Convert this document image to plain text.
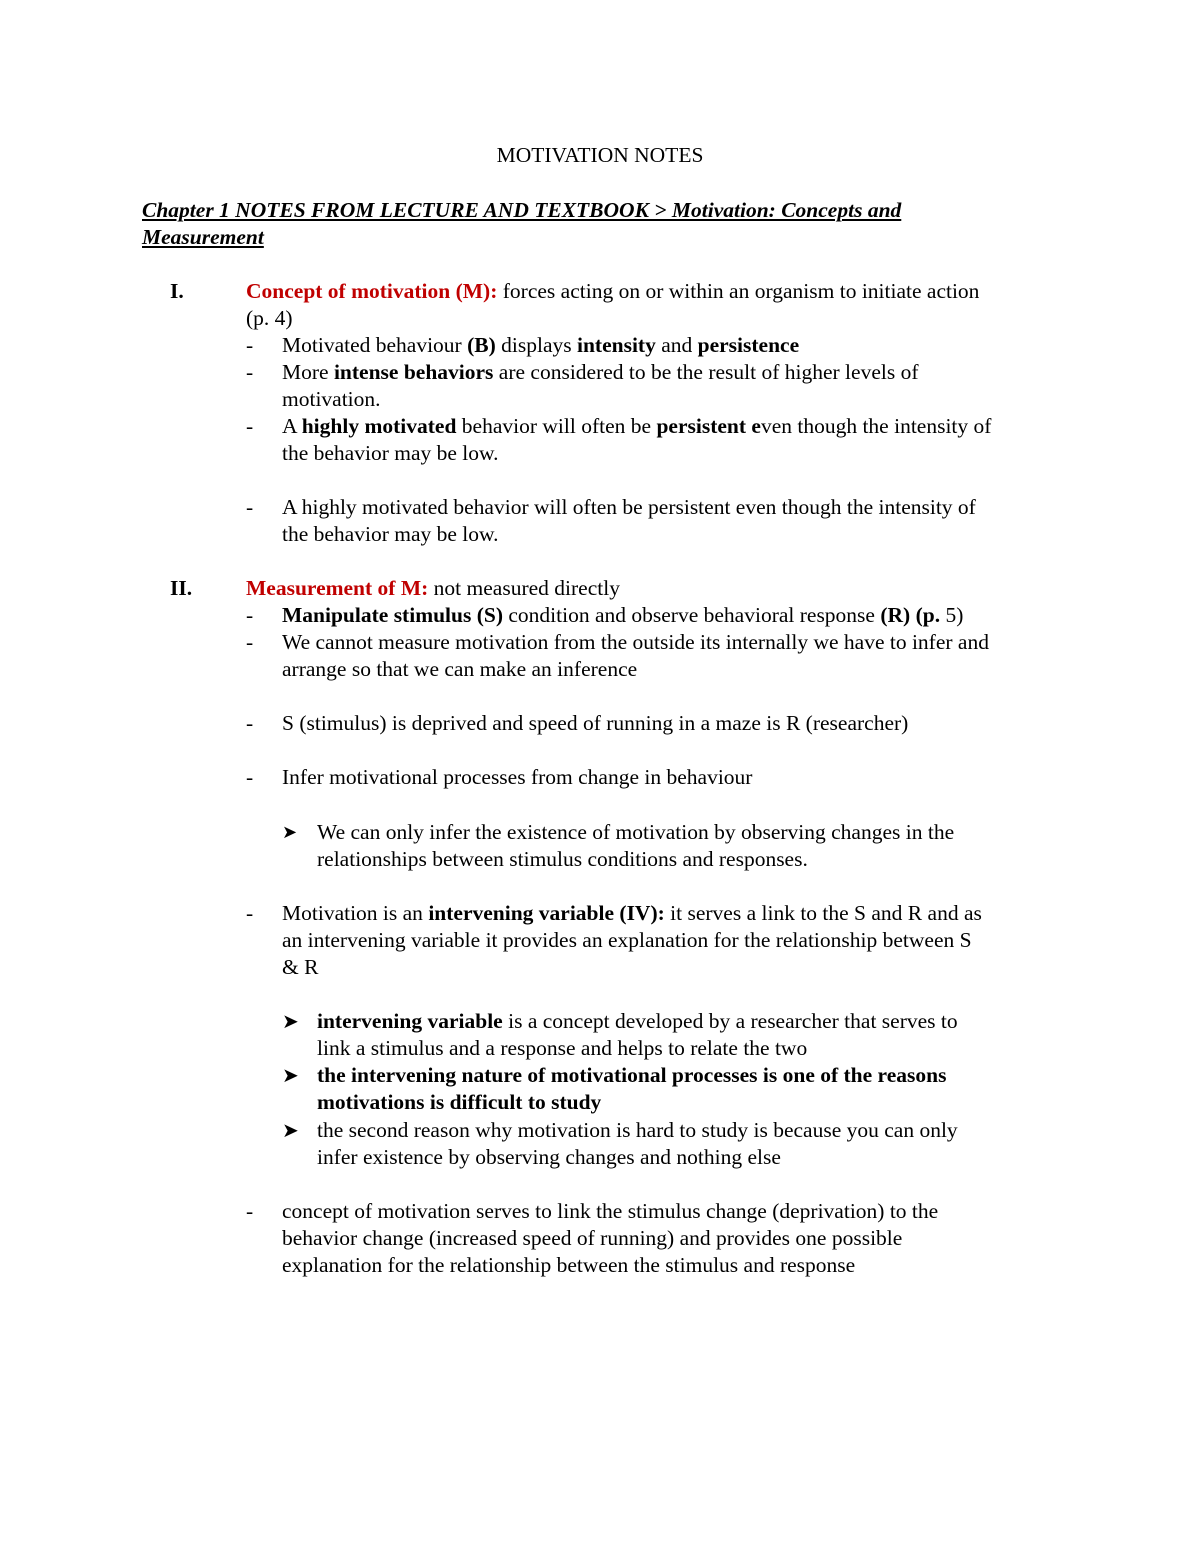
MOTIVATION NOTES
Chapter 1 NOTES FROM LECTURE AND TEXTBOOK > Motivation: Concepts and
Measurement
I.	Concept of motivation (M): forces acting on or within an organism to initiate action
(p. 4)
- Motivated behaviour (B) displays intensity and persistence
- More intense behaviors are considered to be the result of higher levels of
motivation.
- A highly motivated behavior will often be persistent even though the intensity of
the behavior may be low.
- A highly motivated behavior will often be persistent even though the intensity of
the behavior may be low.
II.	Measurement of M: not measured directly
- Manipulate stimulus (S) condition and observe behavioral response (R) (p. 5)
- We cannot measure motivation from the outside its internally we have to infer and
arrange so that we can make an inference
- S (stimulus) is deprived and speed of running in a maze is R (researcher)
- Infer motivational processes from change in behaviour
➤ We can only infer the existence of motivation by observing changes in the
relationships between stimulus conditions and responses.
- Motivation is an intervening variable (IV): it serves a link to the S and R and as
an intervening variable it provides an explanation for the relationship between S
& R
➤ intervening variable is a concept developed by a researcher that serves to
link a stimulus and a response and helps to relate the two
➤ the intervening nature of motivational processes is one of the reasons
motivations is difficult to study
➤ the second reason why motivation is hard to study is because you can only
infer existence by observing changes and nothing else
- concept of motivation serves to link the stimulus change (deprivation) to the
behavior change (increased speed of running) and provides one possible
explanation for the relationship between the stimulus and response
